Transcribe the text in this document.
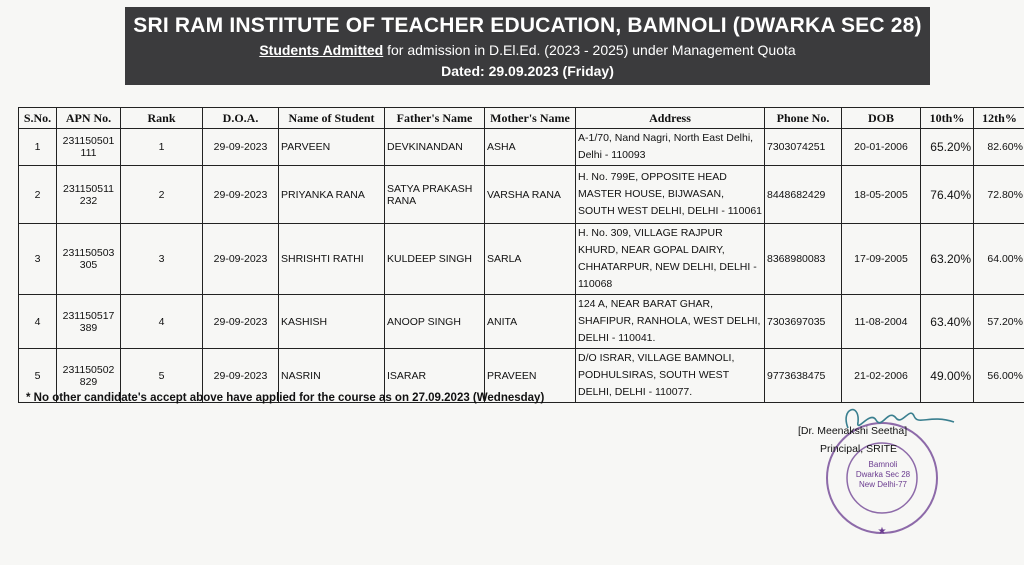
SRI RAM INSTITUTE OF TEACHER EDUCATION, BAMNOLI (DWARKA SEC 28)
Students Admitted for admission in D.El.Ed. (2023 - 2025) under Management Quota
Dated: 29.09.2023 (Friday)
S.No.	APN No.	Rank	D.O.A.	Name of Student	Father's Name	Mother's Name	Address	Phone No.	DOB	10th%	12th%
1	231150501 111	1	29-09-2023	PARVEEN	DEVKINANDAN	ASHA	A-1/70, Nand Nagri, North East Delhi, Delhi - 110093	7303074251	20-01-2006	65.20%	82.60%
2	231150511 232	2	29-09-2023	PRIYANKA RANA	SATYA PRAKASH RANA	VARSHA RANA	H. No. 799E, OPPOSITE HEAD MASTER HOUSE, BIJWASAN, SOUTH WEST DELHI, DELHI - 110061	8448682429	18-05-2005	76.40%	72.80%
3	231150503 305	3	29-09-2023	SHRISHTI RATHI	KULDEEP SINGH	SARLA	H. No. 309, VILLAGE RAJPUR KHURD, NEAR GOPAL DAIRY, CHHATARPUR, NEW DELHI, DELHI - 110068	8368980083	17-09-2005	63.20%	64.00%
4	231150517 389	4	29-09-2023	KASHISH	ANOOP SINGH	ANITA	124 A, NEAR BARAT GHAR, SHAFIPUR, RANHOLA, WEST DELHI, DELHI - 110041.	7303697035	11-08-2004	63.40%	57.20%
5	231150502 829	5	29-09-2023	NASRIN	ISARAR	PRAVEEN	D/O ISRAR, VILLAGE BAMNOLI, PODHULSIRAS, SOUTH WEST DELHI, DELHI - 110077.	9773638475	21-02-2006	49.00%	56.00%
* No other candidate's accept above have applied for the course as on 27.09.2023 (Wednesday)
★
Bamnoli
Dwarka Sec 28
New Delhi-77
[Dr. Meenakshi Seetha]
Principal, SRITE
